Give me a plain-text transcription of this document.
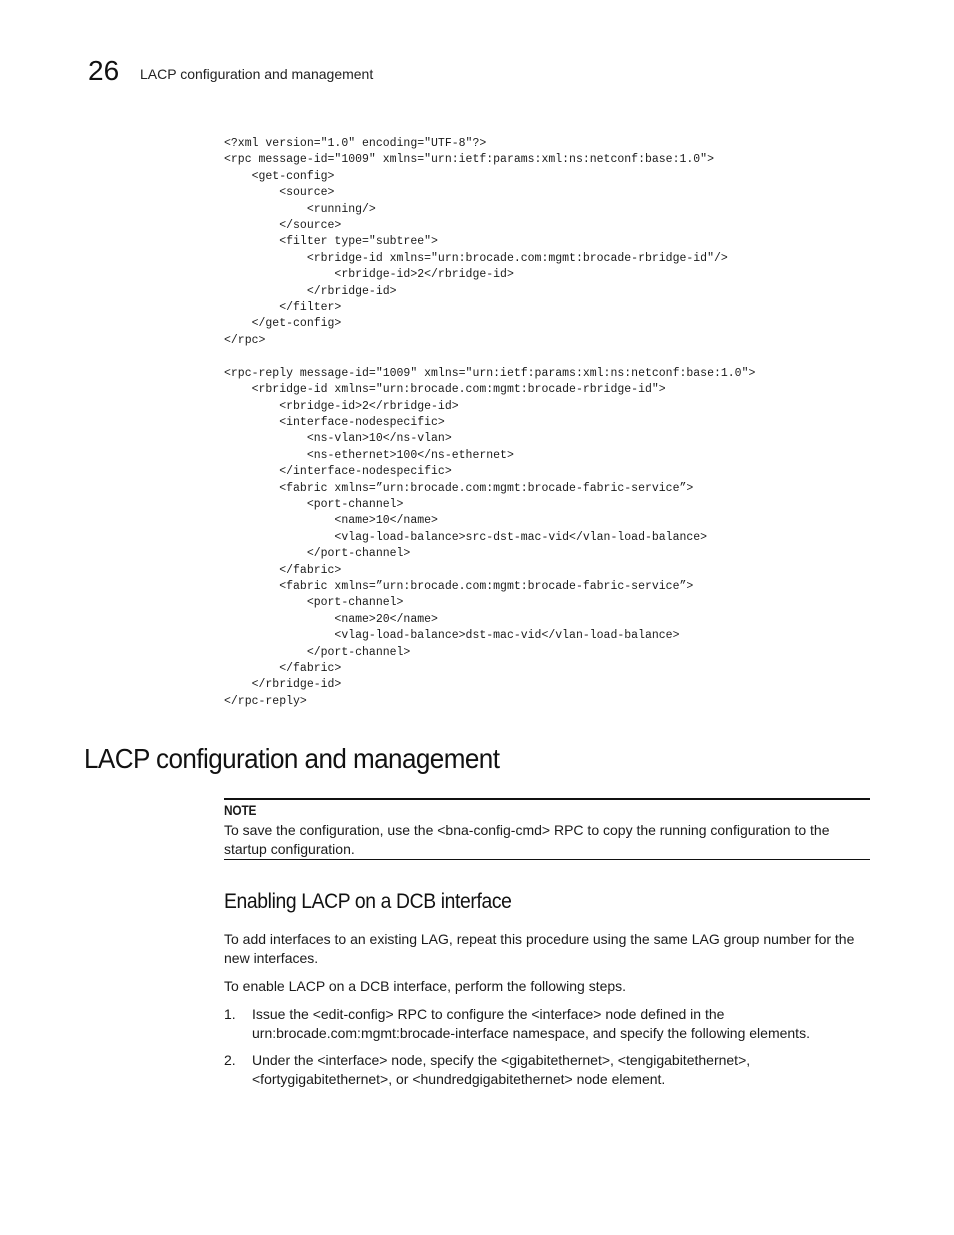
26 LACP configuration and management
<?xml version="1.0" encoding="UTF-8"?>
<rpc message-id="1009" xmlns="urn:ietf:params:xml:ns:netconf:base:1.0">
<get-config>
<source>
<running/>
</source>
<filter type="subtree">
<rbridge-id xmlns="urn:brocade.com:mgmt:brocade-rbridge-id"/>
<rbridge-id>2</rbridge-id>
</rbridge-id>
</filter>
</get-config>
</rpc>

<rpc-reply message-id="1009" xmlns="urn:ietf:params:xml:ns:netconf:base:1.0">
<rbridge-id xmlns="urn:brocade.com:mgmt:brocade-rbridge-id">
<rbridge-id>2</rbridge-id>
<interface-nodespecific>
<ns-vlan>10</ns-vlan>
<ns-ethernet>100</ns-ethernet>
</interface-nodespecific>
<fabric xmlns=”urn:brocade.com:mgmt:brocade-fabric-service”>
<port-channel>
<name>10</name>
<vlag-load-balance>src-dst-mac-vid</vlan-load-balance>
</port-channel>
</fabric>
<fabric xmlns=”urn:brocade.com:mgmt:brocade-fabric-service”>
<port-channel>
<name>20</name>
<vlag-load-balance>dst-mac-vid</vlan-load-balance>
</port-channel>
</fabric>
</rbridge-id>
</rpc-reply>
LACP configuration and management
NOTE
To save the configuration, use the <bna-config-cmd> RPC to copy the running configuration to the startup configuration.
Enabling LACP on a DCB interface

To add interfaces to an existing LAG, repeat this procedure using the same LAG group number for the new interfaces.

To enable LACP on a DCB interface, perform the following steps.

1. Issue the <edit-config> RPC to configure the <interface> node defined in the urn:brocade.com:mgmt:brocade-interface namespace, and specify the following elements.
2. Under the <interface> node, specify the <gigabitethernet>, <tengigabitethernet>, <fortygigabitethernet>, or <hundredgigabitethernet> node element.
